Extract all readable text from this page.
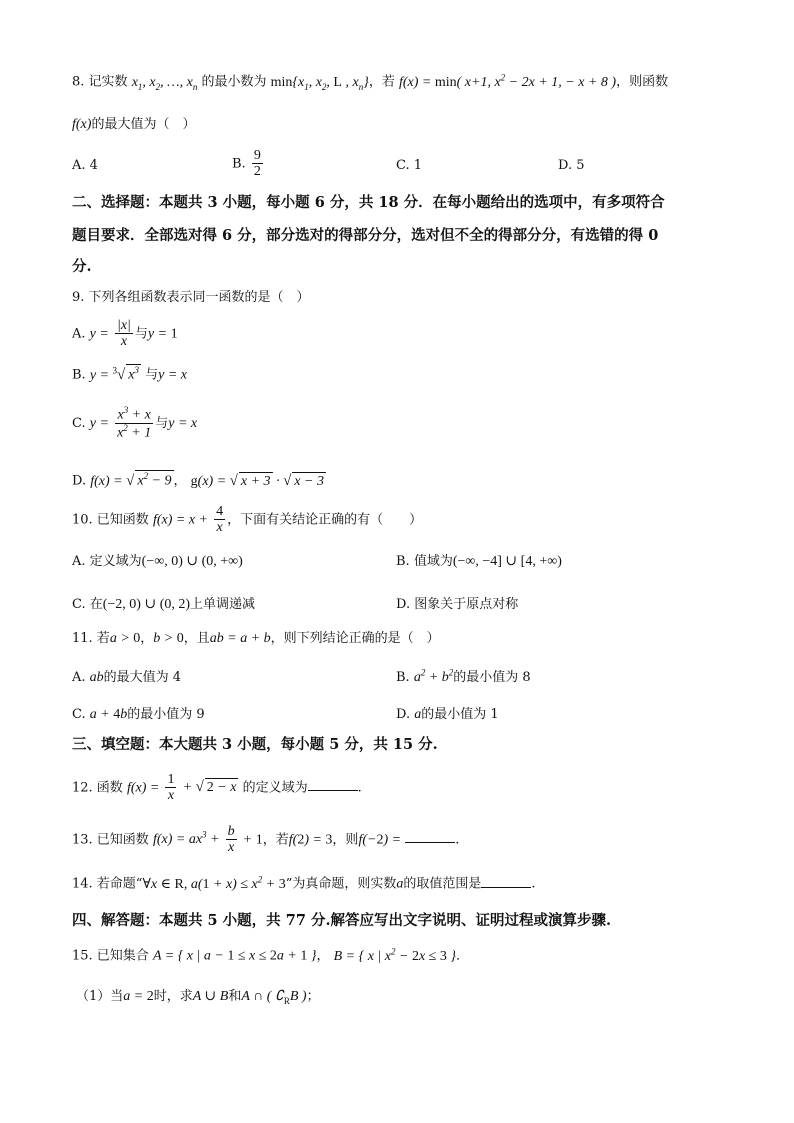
8. 记实数 $x_1$, $x_2$, …, $x_n$ 的最小数为 $\min\{x_1$, $x_2$, L , $x_n$}，若 f(x) = min( x+1, $x^2 - 2x + 1$, − x + 8 )，则函数
f(x)的最大值为（　）
A. 4	B. $\frac{9}{2}$	C. 1	D. 5
二、选择题：本题共 3 小题，每小题 6 分，共 18 分．在每小题给出的选项中，有多项符合
题目要求．全部选对得 6 分，部分选对的得部分分，选对但不全的得部分分，有选错的得 0
分.
9. 下列各组函数表示同一函数的是（　）
A. $y = \frac{|x|}{x}$ 与y = 1
B. y = $^3$√ $x^3$ 与y = x
C. $y = \frac{x^3 + x}{x^2 + 1}$ 与y = x
D. f(x) = √ $x^2 - 9$ ， g(x) = √ x + 3 · √ x − 3
10. 已知函数 $f(x) = x + \frac{4}{x}$ ，下面有关结论正确的有（　　）
A. 定义域为(−∞, 0) ∪ (0, +∞)	B. 值域为(−∞, −4] ∪ [4, +∞)
C. 在(−2, 0) ∪ (0, 2)上单调递减	D. 图象关于原点对称
11. 若a > 0，b > 0，且ab = a + b，则下列结论正确的是（　）
A. ab的最大值为 4	B. $a^2 + b^2$的最小值为 8
C. a + 4b的最小值为 9	D. a的最小值为 1
三、填空题：本大题共 3 小题，每小题 5 分，共 15 分.
12. 函数 $f(x) = \frac{1}{x}$ + √ 2 − x 的定义域为	.
13. 已知函数 $f(x) = ax^3 + \frac{b}{x} + 1$，若f(2) = 3，则f(−2) =	.
14. 若命题“∀x ∈ R, $a(1 + x) \le x^2 + 3$”为真命题，则实数a的取值范围是	.
四、解答题：本题共 5 小题，共 77 分.解答应写出文字说明、证明过程或演算步骤.
15. 已知集合 A = { x | a − 1 ≤ x ≤ 2a + 1 }， B = { x | $x^2 - 2x \le 3$ }．
（1）当a = 2时，求A ∪ B和A ∩ ( $∁_RB$ )；
